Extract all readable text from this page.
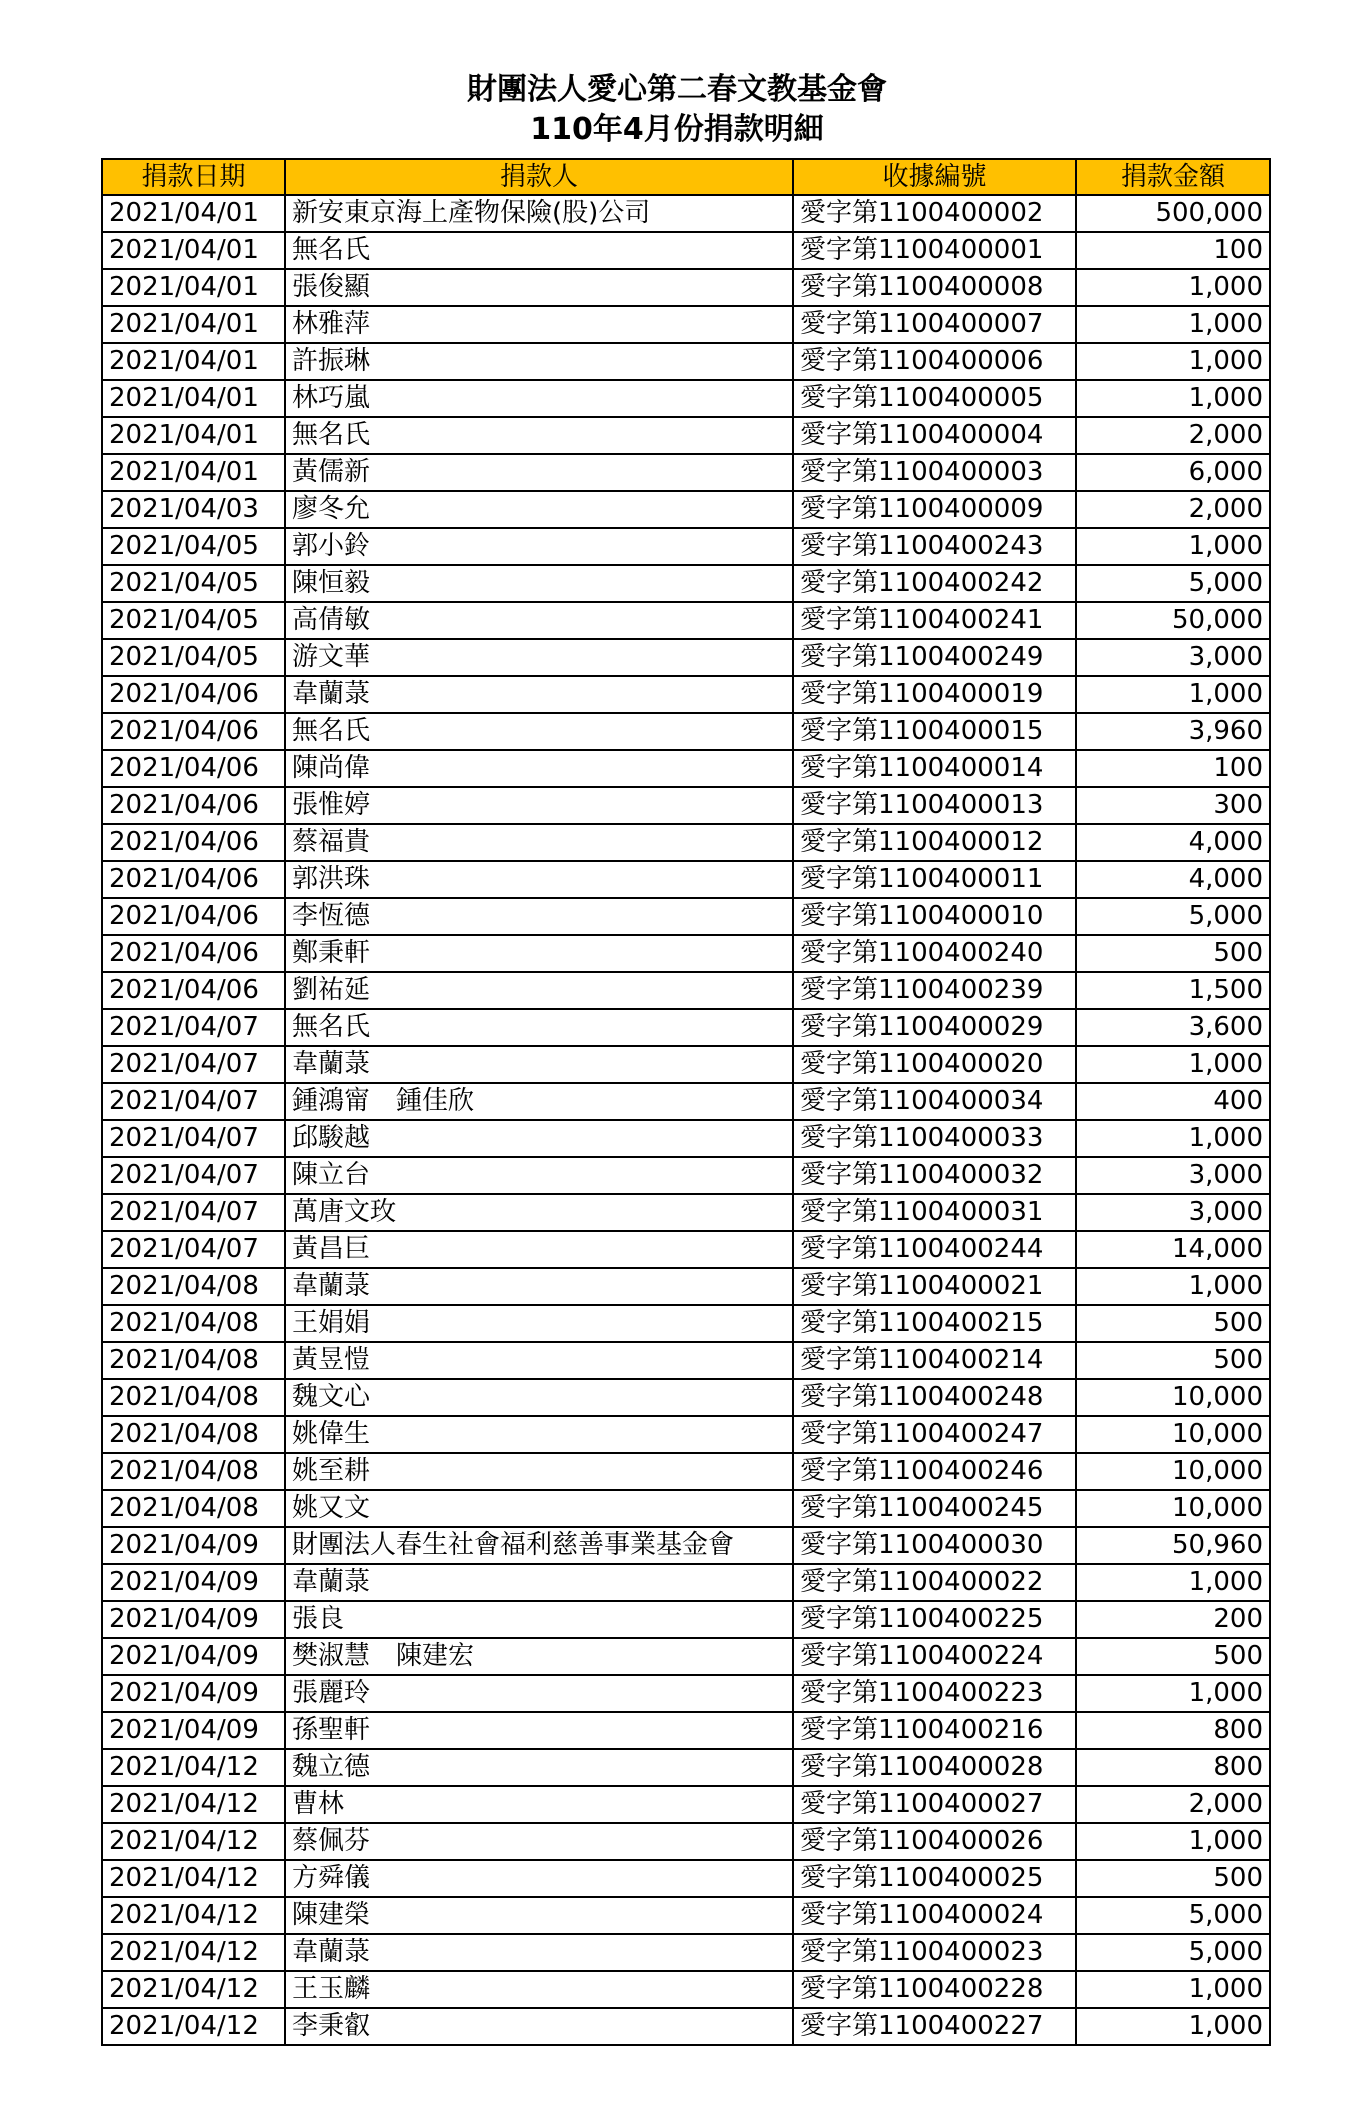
財團法人愛心第二春文教基金會
110年4月份捐款明細
捐款日期	捐款人	收據編號	捐款金額
2021/04/01	新安東京海上產物保險(股)公司	愛字第1100400002	500,000
2021/04/01	無名氏	愛字第1100400001	100
2021/04/01	張俊顯	愛字第1100400008	1,000
2021/04/01	林雅萍	愛字第1100400007	1,000
2021/04/01	許振琳	愛字第1100400006	1,000
2021/04/01	林巧嵐	愛字第1100400005	1,000
2021/04/01	無名氏	愛字第1100400004	2,000
2021/04/01	黃儒新	愛字第1100400003	6,000
2021/04/03	廖冬允	愛字第1100400009	2,000
2021/04/05	郭小鈴	愛字第1100400243	1,000
2021/04/05	陳恒毅	愛字第1100400242	5,000
2021/04/05	高倩敏	愛字第1100400241	50,000
2021/04/05	游文華	愛字第1100400249	3,000
2021/04/06	韋蘭菉	愛字第1100400019	1,000
2021/04/06	無名氏	愛字第1100400015	3,960
2021/04/06	陳尚偉	愛字第1100400014	100
2021/04/06	張惟婷	愛字第1100400013	300
2021/04/06	蔡福貴	愛字第1100400012	4,000
2021/04/06	郭洪珠	愛字第1100400011	4,000
2021/04/06	李恆德	愛字第1100400010	5,000
2021/04/06	鄭秉軒	愛字第1100400240	500
2021/04/06	劉祐延	愛字第1100400239	1,500
2021/04/07	無名氏	愛字第1100400029	3,600
2021/04/07	韋蘭菉	愛字第1100400020	1,000
2021/04/07	鍾鴻甯　鍾佳欣	愛字第1100400034	400
2021/04/07	邱駿越	愛字第1100400033	1,000
2021/04/07	陳立台	愛字第1100400032	3,000
2021/04/07	萬唐文玫	愛字第1100400031	3,000
2021/04/07	黃昌巨	愛字第1100400244	14,000
2021/04/08	韋蘭菉	愛字第1100400021	1,000
2021/04/08	王娟娟	愛字第1100400215	500
2021/04/08	黃昱愷	愛字第1100400214	500
2021/04/08	魏文心	愛字第1100400248	10,000
2021/04/08	姚偉生	愛字第1100400247	10,000
2021/04/08	姚至耕	愛字第1100400246	10,000
2021/04/08	姚又文	愛字第1100400245	10,000
2021/04/09	財團法人春生社會福利慈善事業基金會	愛字第1100400030	50,960
2021/04/09	韋蘭菉	愛字第1100400022	1,000
2021/04/09	張良	愛字第1100400225	200
2021/04/09	樊淑慧　陳建宏	愛字第1100400224	500
2021/04/09	張麗玲	愛字第1100400223	1,000
2021/04/09	孫聖軒	愛字第1100400216	800
2021/04/12	魏立德	愛字第1100400028	800
2021/04/12	曹林	愛字第1100400027	2,000
2021/04/12	蔡佩芬	愛字第1100400026	1,000
2021/04/12	方舜儀	愛字第1100400025	500
2021/04/12	陳建榮	愛字第1100400024	5,000
2021/04/12	韋蘭菉	愛字第1100400023	5,000
2021/04/12	王玉麟	愛字第1100400228	1,000
2021/04/12	李秉叡	愛字第1100400227	1,000
